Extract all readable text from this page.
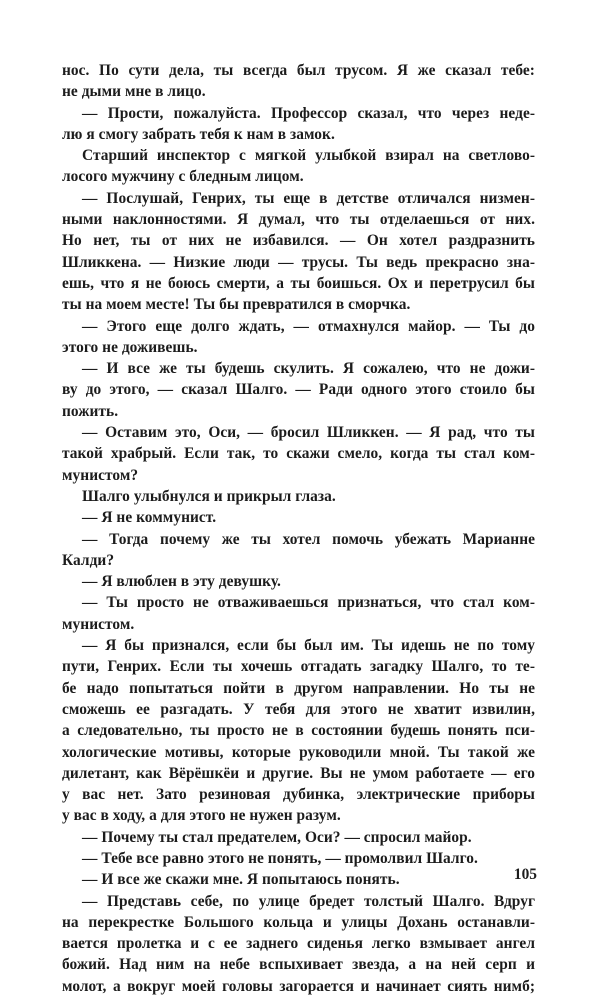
нос. По сути дела, ты всегда был трусом. Я же сказал тебе:
не дыми мне в лицо.
— Прости, пожалуйста. Профессор сказал, что через неде-
лю я смогу забрать тебя к нам в замок.
Старший инспектор с мягкой улыбкой взирал на светлово-
лосого мужчину с бледным лицом.
— Послушай, Генрих, ты еще в детстве отличался низмен-
ными наклонностями. Я думал, что ты отделаешься от них.
Но нет, ты от них не избавился. — Он хотел раздразнить
Шликкена. — Низкие люди — трусы. Ты ведь прекрасно зна-
ешь, что я не боюсь смерти, а ты боишься. Ох и перетрусил бы
ты на моем месте! Ты бы превратился в сморчка.
— Этого еще долго ждать, — отмахнулся майор. — Ты до
этого не доживешь.
— И все же ты будешь скулить. Я сожалею, что не дожи-
ву до этого, — сказал Шалго. — Ради одного этого стоило бы
пожить.
— Оставим это, Оси, — бросил Шликкен. — Я рад, что ты
такой храбрый. Если так, то скажи смело, когда ты стал ком-
мунистом?
Шалго улыбнулся и прикрыл глаза.
— Я не коммунист.
— Тогда почему же ты хотел помочь убежать Марианне
Калди?
— Я влюблен в эту девушку.
— Ты просто не отваживаешься признаться, что стал ком-
мунистом.
— Я бы признался, если бы был им. Ты идешь не по тому
пути, Генрих. Если ты хочешь отгадать загадку Шалго, то те-
бе надо попытаться пойти в другом направлении. Но ты не
сможешь ее разгадать. У тебя для этого не хватит извилин,
а следовательно, ты просто не в состоянии будешь понять пси-
хологические мотивы, которые руководили мной. Ты такой же
дилетант, как Вёрёшкёи и другие. Вы не умом работаете — его
у вас нет. Зато резиновая дубинка, электрические приборы
у вас в ходу, а для этого не нужен разум.
— Почему ты стал предателем, Оси? — спросил майор.
— Тебе все равно этого не понять, — промолвил Шалго.
— И все же скажи мне. Я попытаюсь понять.
— Представь себе, по улице бредет толстый Шалго. Вдруг
на перекрестке Большого кольца и улицы Дохань останавли-
вается пролетка и с ее заднего сиденья легко взмывает ангел
божий. Над ним на небе вспыхивает звезда, а на ней серп и
молот, а вокруг моей головы загорается и начинает сиять нимб;
105
